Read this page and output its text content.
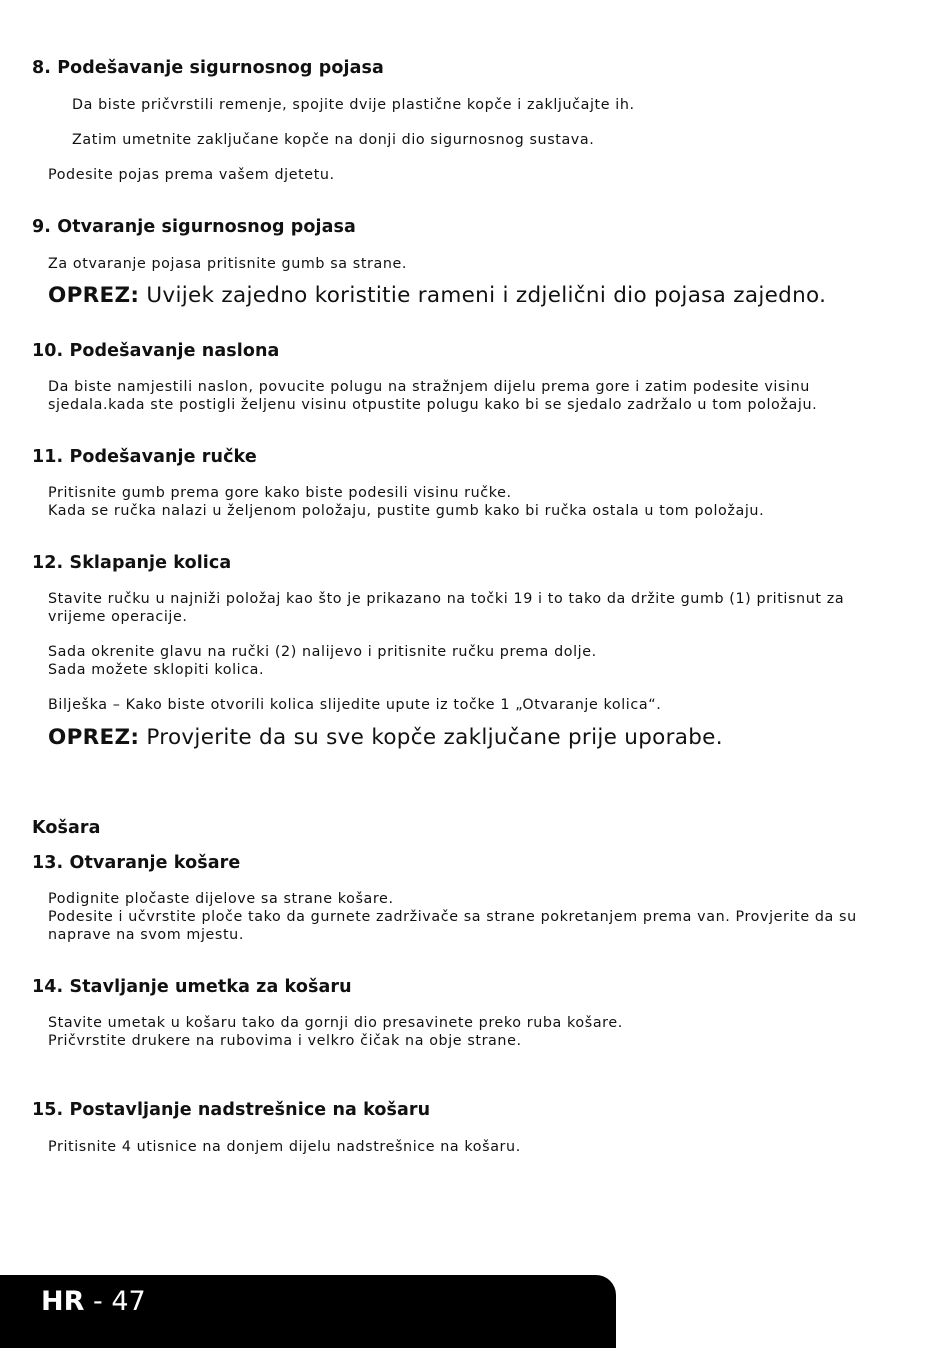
8. Podešavanje sigurnosnog pojasa

Da biste pričvrstili remenje, spojite dvije plastične kopče i zaključajte ih.

Zatim umetnite zaključane kopče na donji dio sigurnosnog sustava.

Podesite pojas prema vašem djetetu.

9. Otvaranje sigurnosnog pojasa

Za otvaranje pojasa pritisnite gumb sa strane.

OPREZ: Uvijek zajedno koristitie rameni i zdjelični dio pojasa zajedno.

10. Podešavanje naslona

Da biste namjestili naslon, povucite polugu na stražnjem dijelu prema gore i zatim podesite visinu

sjedala.kada ste postigli željenu visinu otpustite polugu kako bi se sjedalo zadržalo u tom položaju.

11. Podešavanje ručke

Pritisnite gumb prema gore kako biste podesili visinu ručke.

Kada se ručka nalazi u željenom položaju, pustite gumb kako bi ručka ostala u tom položaju.

12. Sklapanje kolica

Stavite ručku u najniži položaj kao što je prikazano na točki 19 i to tako da držite gumb (1) pritisnut za

vrijeme operacije.

Sada okrenite glavu na ručki (2) nalijevo i pritisnite ručku prema dolje.

Sada možete sklopiti kolica.

Bilješka – Kako biste otvorili kolica slijedite upute iz točke 1 „Otvaranje kolica“.

OPREZ: Provjerite da su sve kopče zaključane prije uporabe.

Košara
13. Otvaranje košare

Podignite pločaste dijelove sa strane košare.

Podesite i učvrstite ploče tako da gurnete zadrživače sa strane pokretanjem prema van. Provjerite da su

naprave na svom mjestu.

14. Stavljanje umetka za košaru

Stavite umetak u košaru tako da gornji dio presavinete preko ruba košare.

Pričvrstite drukere na rubovima i velkro čičak na obje strane.

15. Postavljanje nadstrešnice na košaru

Pritisnite 4 utisnice na donjem dijelu nadstrešnice na košaru.

HR - 47
